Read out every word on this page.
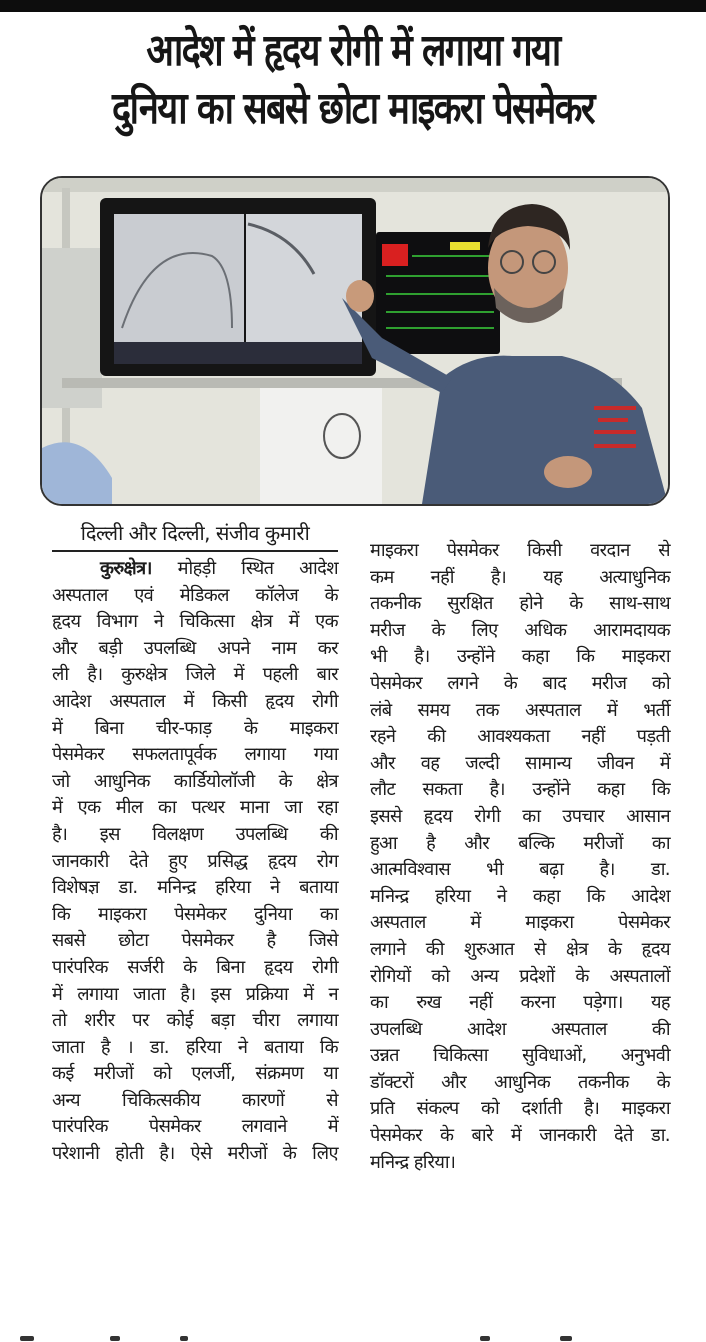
आदेश में हृदय रोगी में लगाया गया
दुनिया का सबसे छोटा माइकरा पेसमेकर
दिल्ली और दिल्ली, संजीव कुमारी

कुरुक्षेत्र। मोहड़ी स्थित आदेश
अस्पताल एवं मेडिकल कॉलेज के
हृदय विभाग ने चिकित्सा क्षेत्र में एक
और बड़ी उपलब्धि अपने नाम कर
ली है। कुरुक्षेत्र जिले में पहली बार
आदेश अस्पताल में किसी हृदय रोगी
में बिना चीर-फाड़ के माइकरा
पेसमेकर सफलतापूर्वक लगाया गया
जो आधुनिक कार्डियोलॉजी के क्षेत्र
में एक मील का पत्थर माना जा रहा
है। इस विलक्षण उपलब्धि की
जानकारी देते हुए प्रसिद्ध हृदय रोग
विशेषज्ञ डा. मनिन्द्र हरिया ने बताया
कि माइकरा पेसमेकर दुनिया का
सबसे छोटा पेसमेकर है जिसे
पारंपरिक सर्जरी के बिना हृदय रोगी
में लगाया जाता है। इस प्रक्रिया में न
तो शरीर पर कोई बड़ा चीरा लगाया
जाता है । डा. हरिया ने बताया कि
कई मरीजों को एलर्जी, संक्रमण या
अन्य चिकित्सकीय कारणों से
पारंपरिक पेसमेकर लगवाने में
परेशानी होती है। ऐसे मरीजों के लिए

माइकरा पेसमेकर किसी वरदान से
कम नहीं है। यह अत्याधुनिक
तकनीक सुरक्षित होने के साथ-साथ
मरीज के लिए अधिक आरामदायक
भी है। उन्होंने कहा कि माइकरा
पेसमेकर लगने के बाद मरीज को
लंबे समय तक अस्पताल में भर्ती
रहने की आवश्यकता नहीं पड़ती
और वह जल्दी सामान्य जीवन में
लौट सकता है। उन्होंने कहा कि
इससे हृदय रोगी का उपचार आसान
हुआ है और बल्कि मरीजों का
आत्मविश्वास भी बढ़ा है। डा.
मनिन्द्र हरिया ने कहा कि आदेश
अस्पताल में माइकरा पेसमेकर
लगाने की शुरुआत से क्षेत्र के हृदय
रोगियों को अन्य प्रदेशों के अस्पतालों
का रुख नहीं करना पड़ेगा। यह
उपलब्धि आदेश अस्पताल की
उन्नत चिकित्सा सुविधाओं, अनुभवी
डॉक्टरों और आधुनिक तकनीक के
प्रति संकल्प को दर्शाती है। माइकरा
पेसमेकर के बारे में जानकारी देते डा.
मनिन्द्र हरिया।
